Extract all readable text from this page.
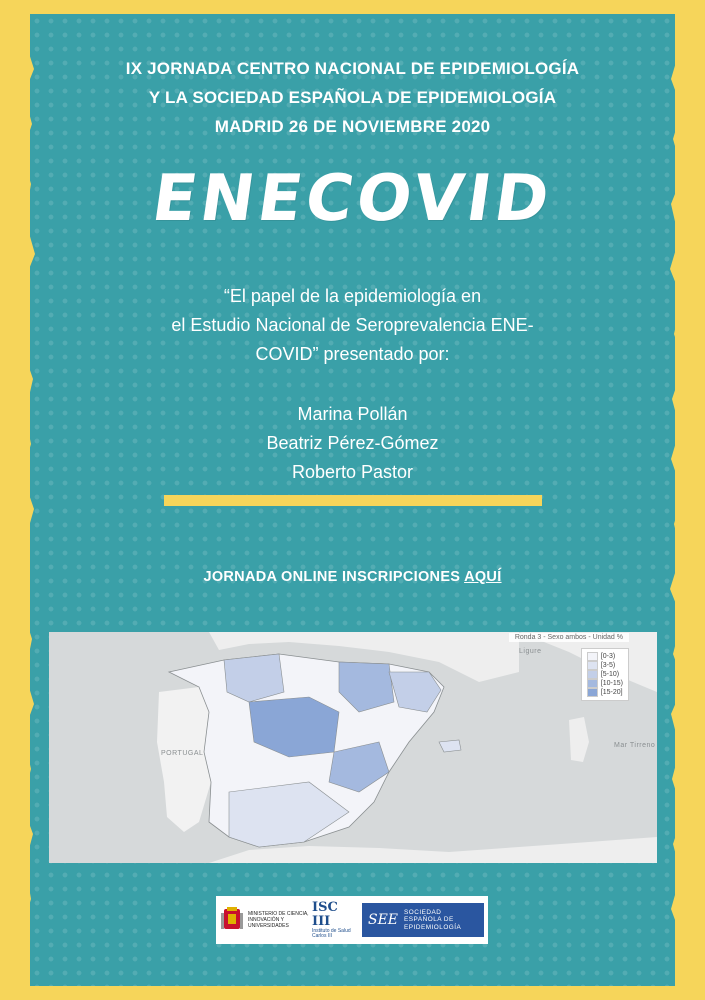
IX JORNADA CENTRO NACIONAL DE EPIDEMIOLOGÍA
Y LA SOCIEDAD ESPAÑOLA DE EPIDEMIOLOGÍA
MADRID 26 DE NOVIEMBRE 2020
ENECOVID
“El papel de la epidemiología en
el Estudio Nacional de Seroprevalencia ENE-
COVID” presentado por:
Marina Pollán
Beatriz Pérez-Gómez
Roberto Pastor
JORNADA ONLINE INSCRIPCIONES AQUÍ
Ronda 3 - Sexo ambos - Unidad %
[0-3)
[3-5)
[5-10)
[10-15)
[15-20]
PORTUGAL
Ligure
Mar Tirreno
MINISTERIO DE CIENCIA, INNOVACIÓN Y UNIVERSIDADES
ISC III
Instituto de Salud Carlos III
SEE SOCIEDAD ESPAÑOLA DE EPIDEMIOLOGÍA
